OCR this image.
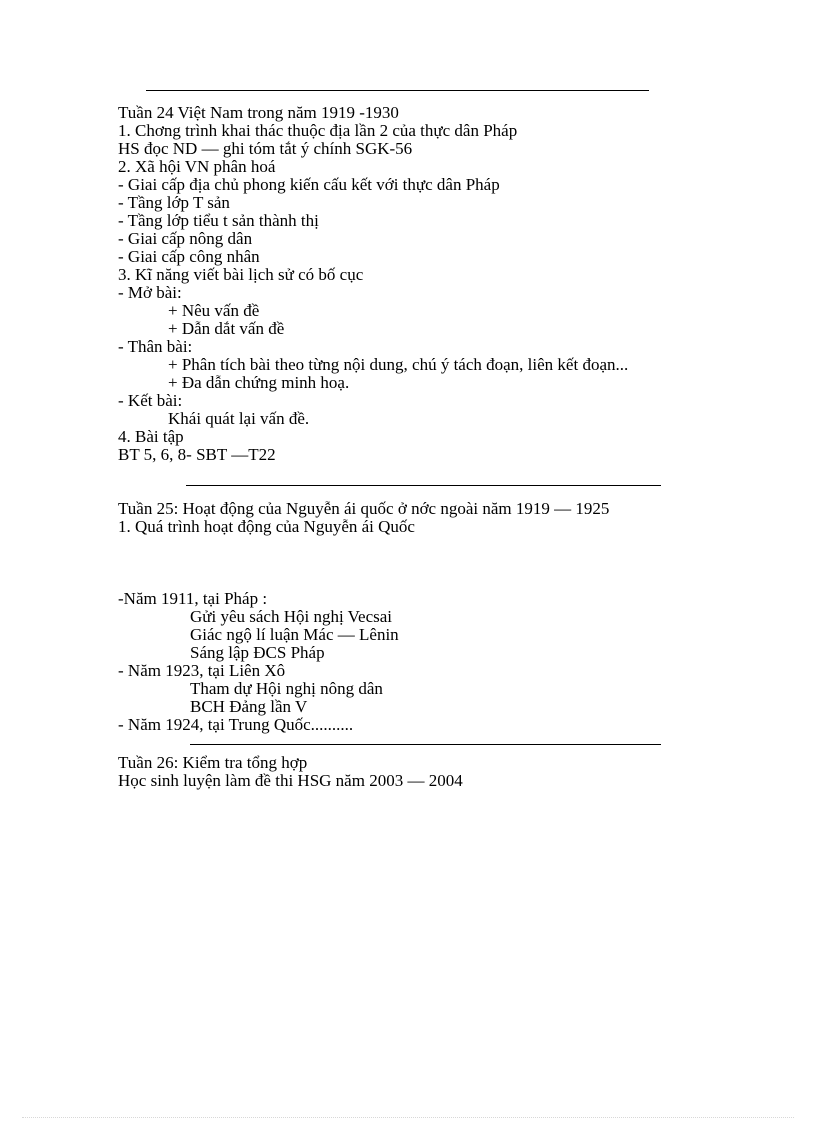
Tuần 24 Việt Nam trong năm 1919 -1930
1. Chơng trình khai thác thuộc địa lần 2 của thực dân Pháp
HS đọc ND — ghi tóm tắt ý chính SGK-56
2. Xã hội VN phân hoá
- Giai cấp địa chủ phong kiến cấu kết với thực dân Pháp
- Tầng lớp T sản
- Tầng lớp tiểu t sản thành thị
- Giai cấp nông dân
- Giai cấp công nhân
3. Kĩ năng viết bài lịch sử có bố cục
- Mở bài:
+ Nêu vấn đề
+ Dẫn dắt vấn đề
- Thân bài:
+ Phân tích bài theo từng nội dung, chú ý tách đoạn, liên kết đoạn...
+ Đa dẫn chứng minh hoạ.
- Kết bài:
Khái quát lại vấn đề.
4. Bài tập
BT 5, 6, 8- SBT —T22
Tuần 25: Hoạt động của Nguyễn ái quốc ở nớc ngoài năm 1919 — 1925
1. Quá trình hoạt động của Nguyễn ái Quốc
-Năm 1911, tại Pháp :
Gửi yêu sách Hội nghị Vecsai
Giác ngộ lí luận Mác — Lênin
Sáng lập ĐCS Pháp
- Năm 1923, tại Liên Xô
Tham dự Hội nghị nông dân
BCH Đảng lần V
- Năm 1924, tại Trung Quốc..........
Tuần 26: Kiểm tra tổng hợp
Học sinh luyện làm đề thi HSG năm 2003 — 2004
